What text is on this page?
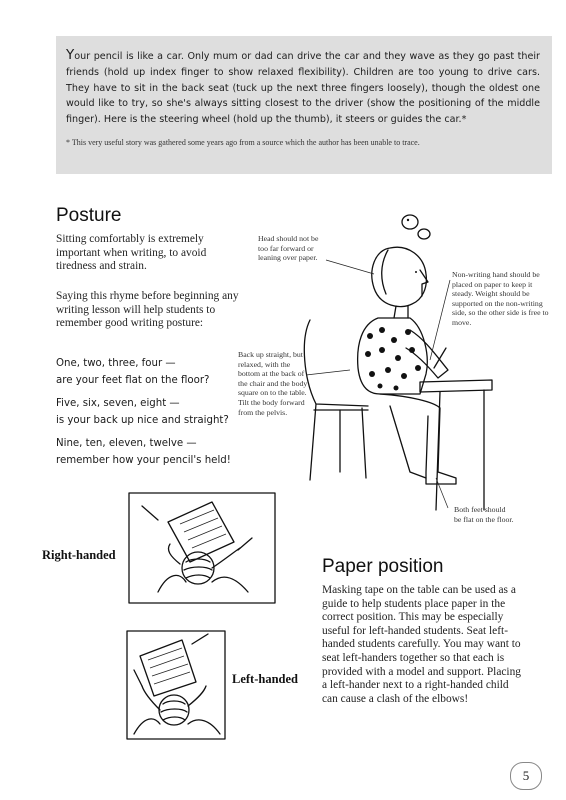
Your pencil is like a car. Only mum or dad can drive the car and they wave as they go past their friends (hold up index finger to show relaxed flexibility). Children are too young to drive cars. They have to sit in the back seat (tuck up the next three fingers loosely), though the oldest one would like to try, so she's always sitting closest to the driver (show the positioning of the middle finger). Here is the steering wheel (hold up the thumb), it steers or guides the car.*

* This very useful story was gathered some years ago from a source which the author has been unable to trace.

Posture

Sitting comfortably is extremely important when writing, to avoid tiredness and strain.

Saying this rhyme before beginning any writing lesson will help students to remember good writing posture:

One, two, three, four —

are your feet flat on the floor?

Five, six, seven, eight —

is your back up nice and straight?

Nine, ten, eleven, twelve —

remember how your pencil's held!

Head should not be too far forward or leaning over paper.

Non-writing hand should be placed on paper to keep it steady. Weight should be supported on the non-writing side, so the other side is free to move.

Back up straight, but relaxed, with the bottom at the back of the chair and the body square on to the table. Tilt the body forward from the pelvis.

Both feet should be flat on the floor.

Right-handed
Left-handed
Paper position

Masking tape on the table can be used as a guide to help students place paper in the correct position. This may be especially useful for left-handed students. Seat left-handed students carefully. You may want to seat left-handers together so that each is provided with a model and support. Placing a left-hander next to a right-handed child can cause a clash of the elbows!

5
